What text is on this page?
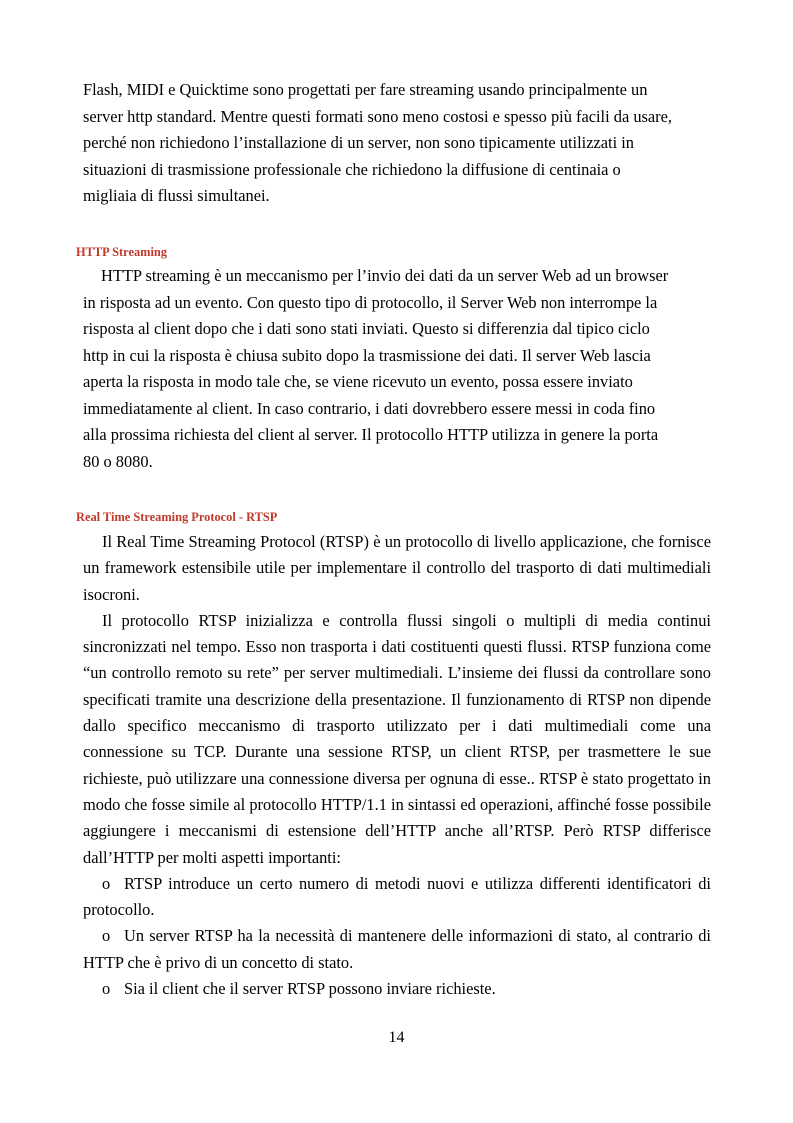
Flash, MIDI e Quicktime sono progettati per fare streaming usando principalmente un
server http standard. Mentre questi formati sono meno costosi e spesso più facili da usare,
perché non richiedono l’installazione di un server, non sono tipicamente utilizzati in
situazioni di trasmissione professionale che richiedono la diffusione di centinaia o
migliaia di flussi simultanei.
HTTP Streaming
HTTP streaming è un meccanismo per l’invio dei dati da un server Web ad un browser
in risposta ad un evento. Con questo tipo di protocollo, il Server Web non interrompe la
risposta al client dopo che i dati sono stati inviati. Questo si differenzia dal tipico ciclo
http in cui la risposta è chiusa subito dopo la trasmissione dei dati. Il server Web lascia
aperta la risposta in modo tale che, se viene ricevuto un evento, possa essere inviato
immediatamente al client. In caso contrario, i dati dovrebbero essere messi in coda fino
alla prossima richiesta del client al server. Il protocollo HTTP utilizza in genere la porta
80 o 8080.
Real Time Streaming Protocol - RTSP

Il Real Time Streaming Protocol (RTSP) è un protocollo di livello applicazione, che fornisce un framework estensibile utile per implementare il controllo del trasporto di dati multimediali isocroni.

Il protocollo RTSP inizializza e controlla flussi singoli o multipli di media continui sincronizzati nel tempo. Esso non trasporta i dati costituenti questi flussi. RTSP funziona come “un controllo remoto su rete” per server multimediali. L’insieme dei flussi da controllare sono specificati tramite una descrizione della presentazione. Il funzionamento di RTSP non dipende dallo specifico meccanismo di trasporto utilizzato per i dati multimediali come una connessione su TCP. Durante una sessione RTSP, un client RTSP, per trasmettere le sue richieste, può utilizzare una connessione diversa per ognuna di esse.. RTSP è stato progettato in modo che fosse simile al protocollo HTTP/1.1 in sintassi ed operazioni, affinché fosse possibile aggiungere i meccanismi di estensione dell’HTTP anche all’RTSP. Però RTSP differisce dall’HTTP per molti aspetti importanti:

o RTSP introduce un certo numero di metodi nuovi e utilizza differenti identificatori di protocollo.

o Un server RTSP ha la necessità di mantenere delle informazioni di stato, al contrario di HTTP che è privo di un concetto di stato.

o Sia il client che il server RTSP possono inviare richieste.

14
